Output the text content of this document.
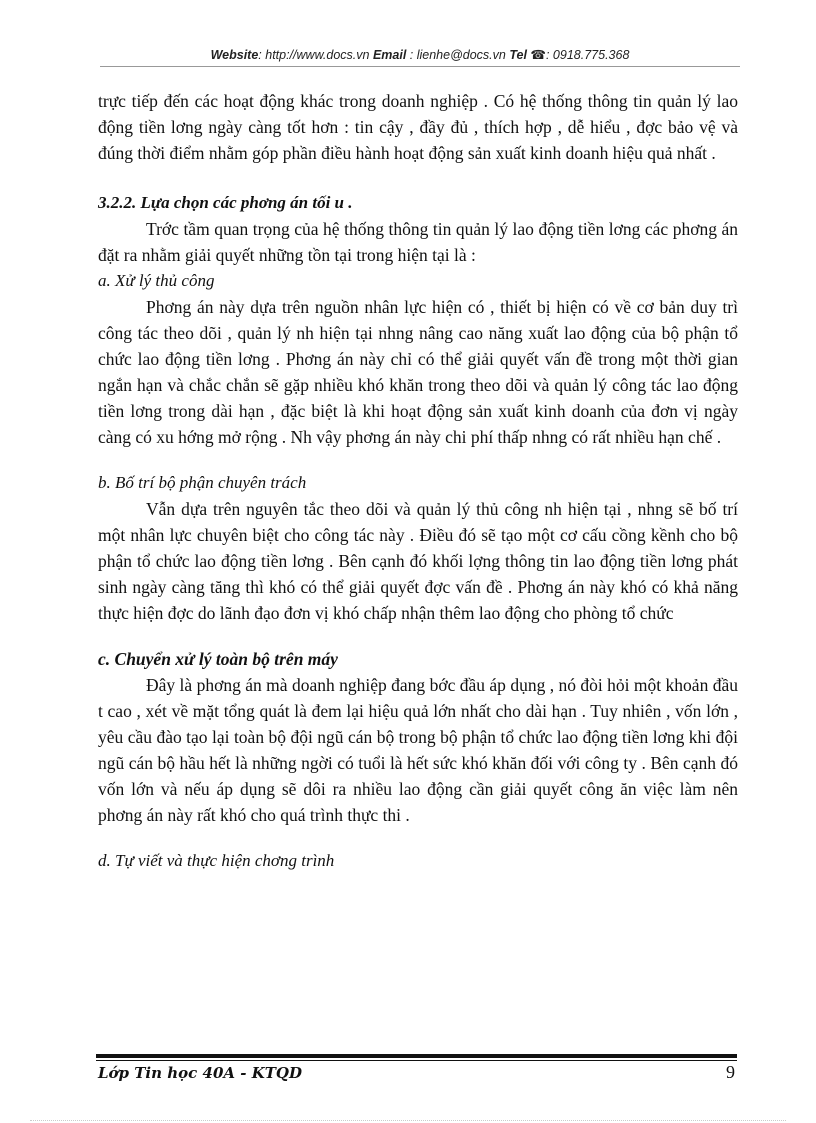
Website: http://www.docs.vn Email : lienhe@docs.vn Tel ☎: 0918.775.368

trực tiếp đến các hoạt động khác trong doanh nghiệp . Có hệ thống thông tin quản lý lao động tiền lơng ngày càng tốt hơn : tin cậy , đầy đủ , thích hợp , dễ hiểu , đợc bảo vệ và đúng thời điểm nhằm góp phần điều hành hoạt động sản xuất kinh doanh hiệu quả nhất .

3.2.2. Lựa chọn các phơng án tối u .

Trớc tầm quan trọng của hệ thống thông tin quản lý lao động tiền lơng các phơng án đặt ra nhằm giải quyết những tồn tại trong hiện tại là :

a. Xử lý thủ công

Phơng án này dựa trên nguồn nhân lực hiện có , thiết bị hiện có về cơ bản duy trì công tác theo dõi , quản lý nh hiện tại nhng nâng cao năng xuất lao động của bộ phận tổ chức lao động tiền lơng . Phơng án này chỉ có thể giải quyết vấn đề trong một thời gian ngắn hạn và chắc chắn sẽ gặp nhiều khó khăn trong theo dõi và quản lý công tác lao động tiền lơng trong dài hạn , đặc biệt là khi hoạt động sản xuất kinh doanh của đơn vị ngày càng có xu hớng mở rộng . Nh vậy phơng án này chi phí thấp nhng có rất nhiều hạn chế .

b. Bố trí bộ phận chuyên trách

Vẫn dựa trên nguyên tắc theo dõi và quản lý thủ công nh hiện tại , nhng sẽ bố trí một nhân lực chuyên biệt cho công tác này . Điều đó sẽ tạo một cơ cấu cồng kềnh cho bộ phận tổ chức lao động tiền lơng . Bên cạnh đó khối lợng thông tin lao động tiền lơng phát sinh ngày càng tăng thì khó có thể giải quyết đợc vấn đề . Phơng án này khó có khả năng thực hiện đợc do lãnh đạo đơn vị khó chấp nhận thêm lao động cho phòng tổ chức

c. Chuyển xử lý toàn bộ trên máy

Đây là phơng án mà doanh nghiệp đang bớc đầu áp dụng , nó đòi hỏi một khoản đầu t cao , xét về mặt tổng quát là đem lại hiệu quả lớn nhất cho dài hạn . Tuy nhiên , vốn lớn , yêu cầu đào tạo lại toàn bộ đội ngũ cán bộ trong bộ phận tổ chức lao động tiền lơng khi đội ngũ cán bộ hầu hết là những ngời có tuổi là hết sức khó khăn đối với công ty . Bên cạnh đó vốn lớn và nếu áp dụng sẽ dôi ra nhiều lao động cần giải quyết công ăn việc làm nên phơng án này rất khó cho quá trình thực thi .

d. Tự viết và thực hiện chơng trình

Lớp Tin học 40A - KTQD	9
